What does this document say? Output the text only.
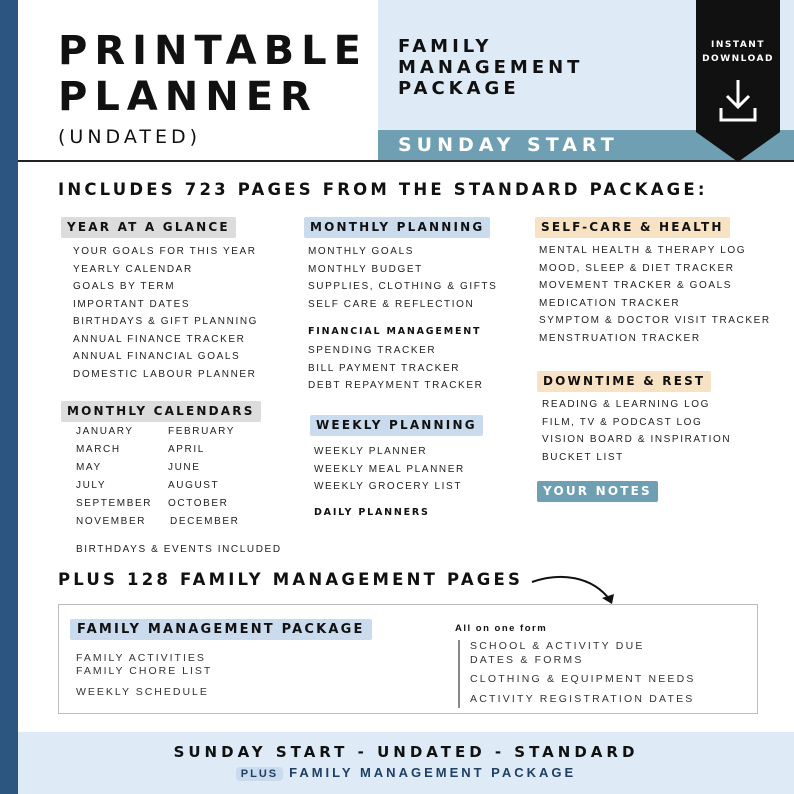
PRINTABLE
PLANNER
(UNDATED)
FAMILY
MANAGEMENT
PACKAGE
SUNDAY START
INSTANT
DOWNLOAD
INCLUDES 723 PAGES FROM THE STANDARD PACKAGE:
YEAR AT A GLANCE
YOUR GOALS FOR THIS YEAR
YEARLY CALENDAR
GOALS BY TERM
IMPORTANT DATES
BIRTHDAYS & GIFT PLANNING
ANNUAL FINANCE TRACKER
ANNUAL FINANCIAL GOALS
DOMESTIC LABOUR PLANNER
MONTHLY CALENDARS
JANUARY	FEBRUARY
MARCH	APRIL
MAY	JUNE
JULY	AUGUST
SEPTEMBER OCTOBER
NOVEMBER DECEMBER
BIRTHDAYS & EVENTS INCLUDED
MONTHLY PLANNING
MONTHLY GOALS
MONTHLY BUDGET
SUPPLIES, CLOTHING & GIFTS
SELF CARE & REFLECTION
FINANCIAL MANAGEMENT
SPENDING TRACKER
BILL PAYMENT TRACKER
DEBT REPAYMENT TRACKER
WEEKLY PLANNING
WEEKLY PLANNER
WEEKLY MEAL PLANNER
WEEKLY GROCERY LIST
DAILY PLANNERS
SELF-CARE & HEALTH
MENTAL HEALTH & THERAPY LOG
MOOD, SLEEP & DIET TRACKER
MOVEMENT TRACKER & GOALS
MEDICATION TRACKER
SYMPTOM & DOCTOR VISIT TRACKER
MENSTRUATION TRACKER
DOWNTIME & REST
READING & LEARNING LOG
FILM, TV & PODCAST LOG
VISION BOARD & INSPIRATION
BUCKET LIST
YOUR NOTES
PLUS 128 FAMILY MANAGEMENT PAGES
FAMILY MANAGEMENT PACKAGE
FAMILY ACTIVITIES
FAMILY CHORE LIST
WEEKLY SCHEDULE
All on one form
SCHOOL & ACTIVITY DUE
DATES & FORMS
CLOTHING & EQUIPMENT NEEDS
ACTIVITY REGISTRATION DATES
SUNDAY START - UNDATED - STANDARD
PLUS FAMILY MANAGEMENT PACKAGE
